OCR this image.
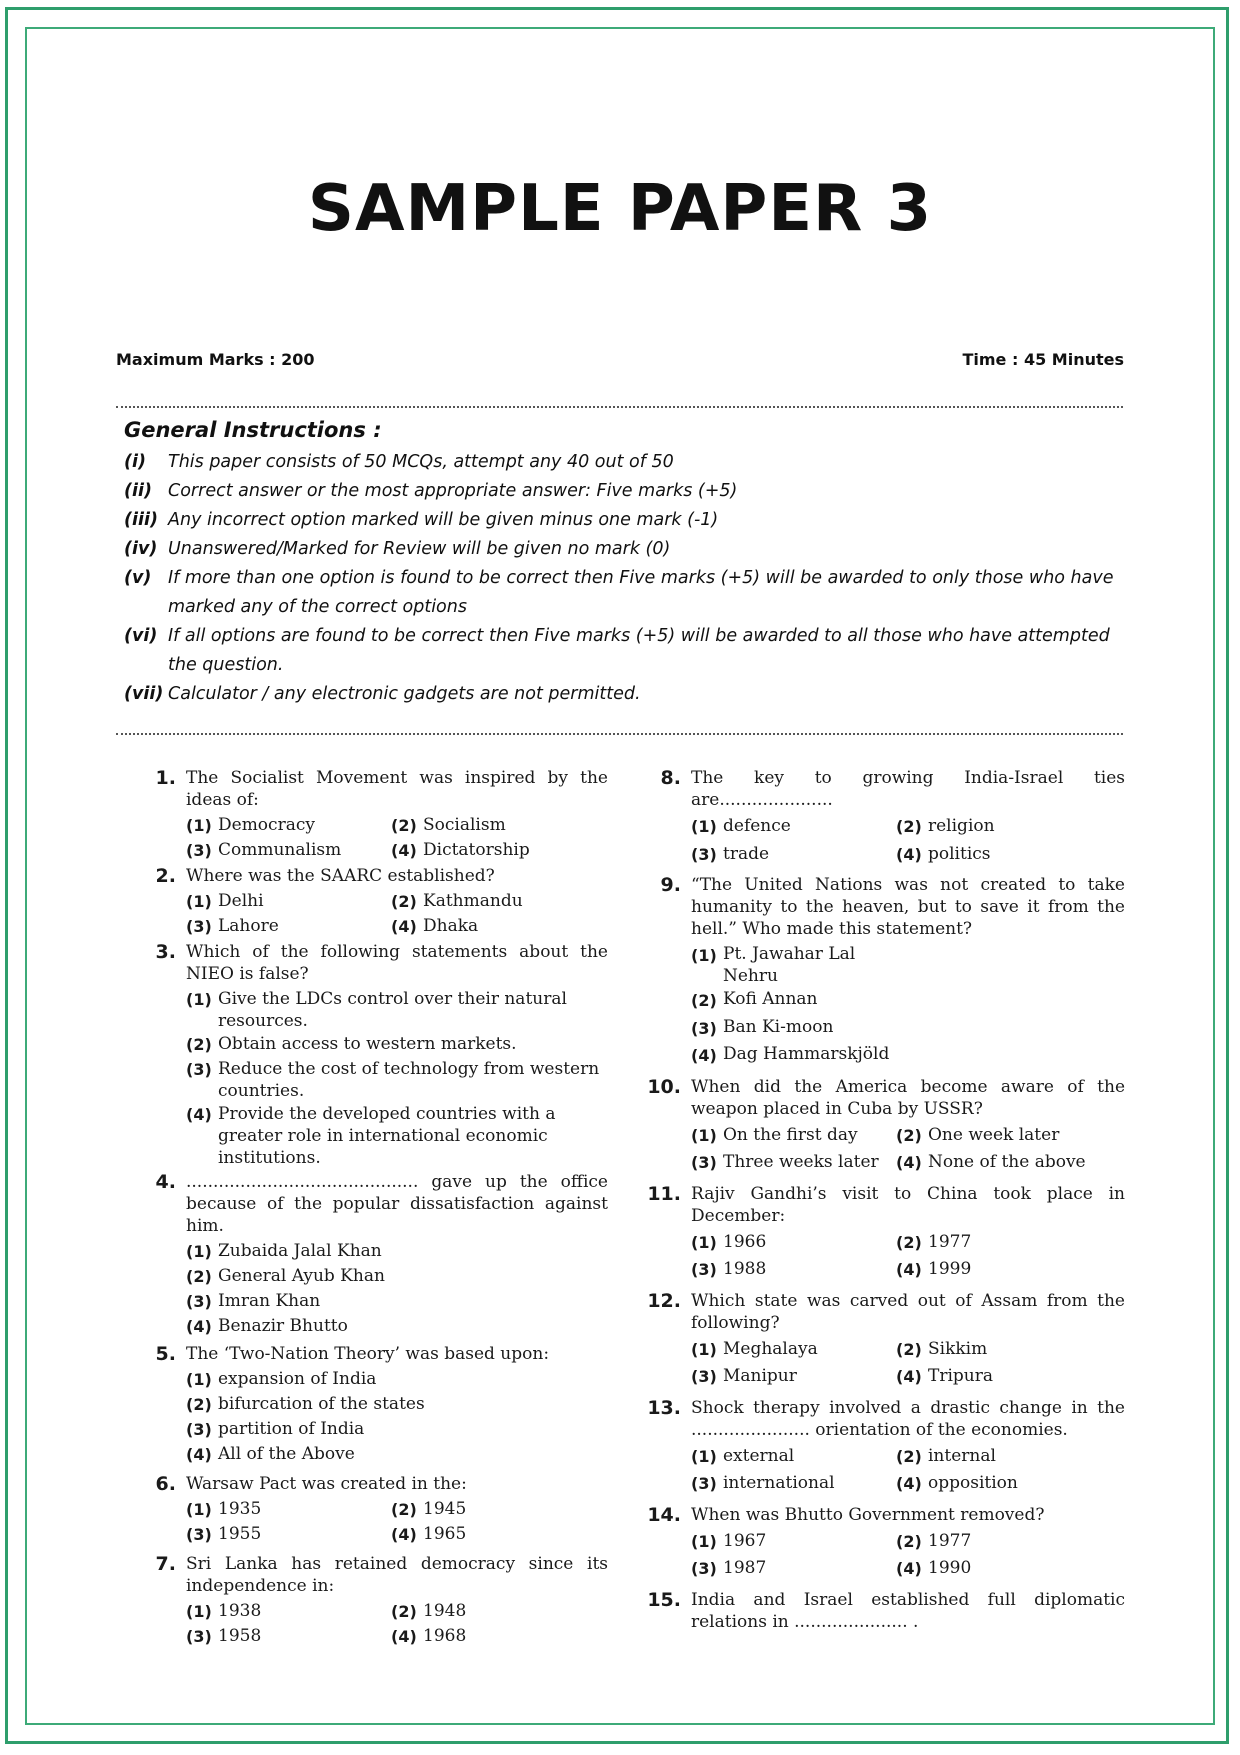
SAMPLE PAPER 3
Maximum Marks : 200	Time : 45 Minutes
General Instructions :
(i)	This paper consists of 50 MCQs, attempt any 40 out of 50
(ii) Correct answer or the most appropriate answer: Five marks (+5)
(iii) Any incorrect option marked will be given minus one mark (-1)
(iv) Unanswered/Marked for Review will be given no mark (0)
(v) If more than one option is found to be correct then Five marks (+5) will be awarded to only those who have marked any of the correct options
(vi) If all options are found to be correct then Five marks (+5) will be awarded to all those who have attempted the question.
(vii) Calculator / any electronic gadgets are not permitted.
1. The Socialist Movement was inspired by the ideas of:
(1) Democracy	(2) Socialism
(3) Communalism	(4) Dictatorship
2. Where was the SAARC established?
(1) Delhi	(2) Kathmandu
(3) Lahore	(4) Dhaka
3. Which of the following statements about the NIEO is false?
(1) Give the LDCs control over their natural resources.
(2) Obtain access to western markets.
(3) Reduce the cost of technology from western countries.
(4) Provide the developed countries with a greater role in international economic institutions.
4. ........................................... gave up the office because of the popular dissatisfaction against him.
(1) Zubaida Jalal Khan
(2) General Ayub Khan
(3) Imran Khan
(4) Benazir Bhutto
5. The ‘Two-Nation Theory’ was based upon:
(1) expansion of India
(2) bifurcation of the states
(3) partition of India
(4) All of the Above
6. Warsaw Pact was created in the:
(1) 1935	(2) 1945
(3) 1955	(4) 1965
7. Sri Lanka has retained democracy since its independence in:
(1) 1938	(2) 1948
(3) 1958	(4) 1968
8. The key to growing India-Israel ties are.....................
(1) defence	(2) religion
(3) trade	(4) politics
9. “The United Nations was not created to take humanity to the heaven, but to save it from the hell.” Who made this statement?
(1) Pt. Jawahar Lal Nehru
(2) Kofi Annan
(3) Ban Ki-moon
(4) Dag Hammarskjöld
10. When did the America become aware of the weapon placed in Cuba by USSR?
(1) On the first day	(2) One week later
(3) Three weeks later	(4) None of the above
11. Rajiv Gandhi’s visit to China took place in December:
(1) 1966	(2) 1977
(3) 1988	(4) 1999
12. Which state was carved out of Assam from the following?
(1) Meghalaya	(2) Sikkim
(3) Manipur	(4) Tripura
13. Shock therapy involved a drastic change in the ...................... orientation of the economies.
(1) external	(2) internal
(3) international	(4) opposition
14. When was Bhutto Government removed?
(1) 1967	(2) 1977
(3) 1987	(4) 1990
15. India and Israel established full diplomatic relations in ..................... .
